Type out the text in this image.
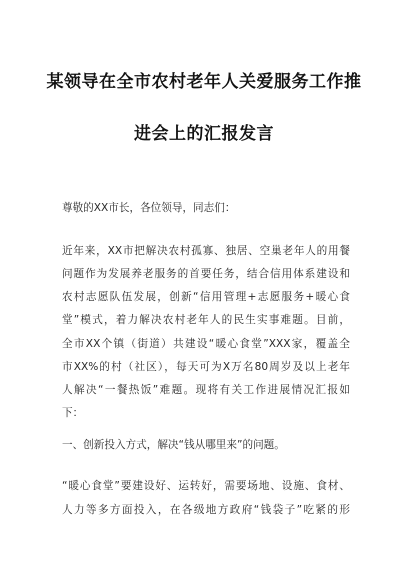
某领导在全市农村老年人关爱服务工作推
进会上的汇报发言
尊敬的XX市长，各位领导，同志们：
近年来，XX市把解决农村孤寡、独居、空巢老年人的用餐
问题作为发展养老服务的首要任务，结合信用体系建设和
农村志愿队伍发展，创新“信用管理+志愿服务+暖心食
堂”模式，着力解决农村老年人的民生实事难题。目前，
全市XX个镇（街道）共建设“暖心食堂”XXX家，覆盖全
市XX%的村（社区），每天可为X万名80周岁及以上老年
人解决“一餐热饭”难题。现将有关工作进展情况汇报如
下：
一、创新投入方式，解决“钱从哪里来”的问题。
“暖心食堂”要建设好、运转好，需要场地、设施、食材、
人力等多方面投入，在各级地方政府“钱袋子”吃紧的形
